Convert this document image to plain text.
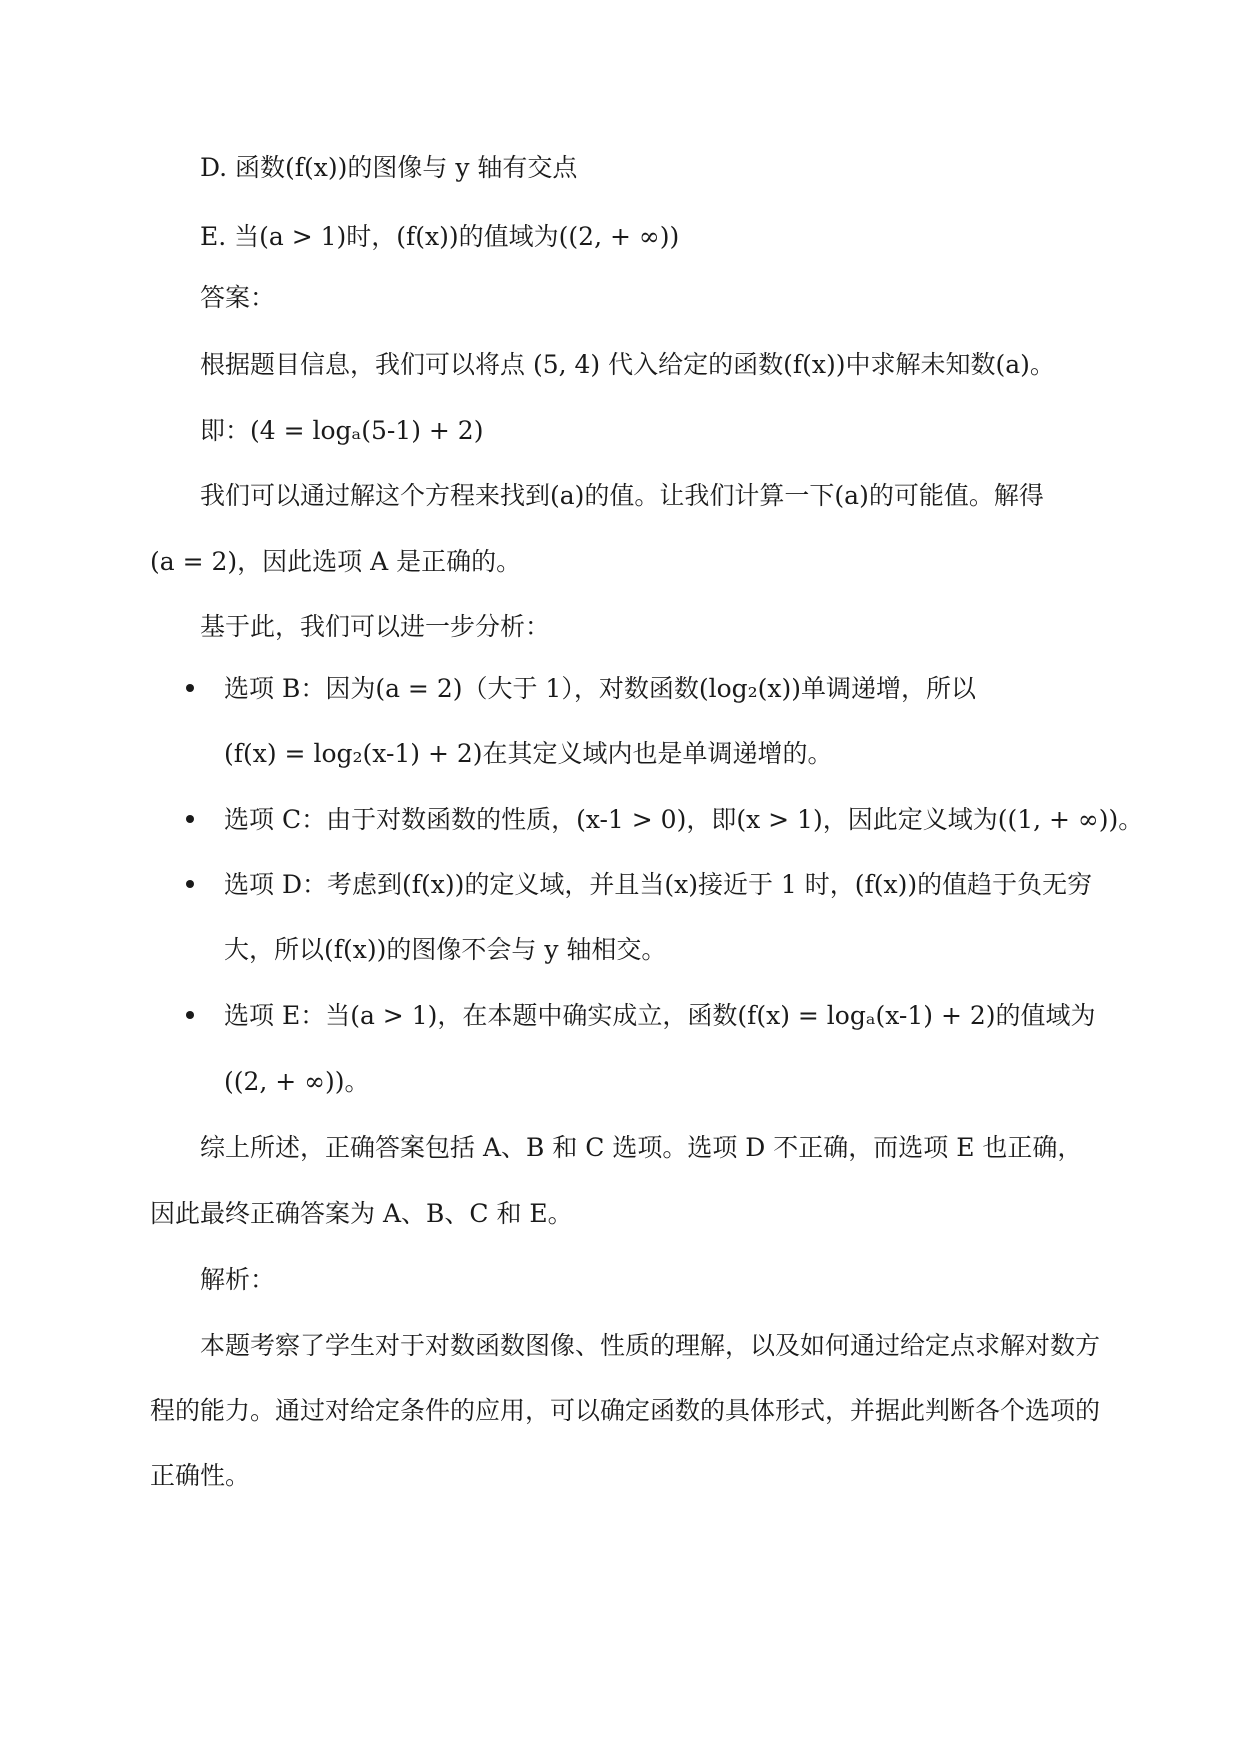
D. 函数(f(x))的图像与 y 轴有交点
E. 当(a > 1)时，(f(x))的值域为((2, + ∞))
答案：
根据题目信息，我们可以将点 (5, 4) 代入给定的函数(f(x))中求解未知数(a)。
即：(4 = logₐ(5-1) + 2)
我们可以通过解这个方程来找到(a)的值。让我们计算一下(a)的可能值。解得
(a = 2)，因此选项 A 是正确的。
基于此，我们可以进一步分析：
选项 B：因为(a = 2)（大于 1），对数函数(log₂(x))单调递增，所以
(f(x) = log₂(x-1) + 2)在其定义域内也是单调递增的。
选项 C：由于对数函数的性质，(x-1 > 0)，即(x > 1)，因此定义域为((1, + ∞))。
选项 D：考虑到(f(x))的定义域，并且当(x)接近于 1 时，(f(x))的值趋于负无穷
大，所以(f(x))的图像不会与 y 轴相交。
选项 E：当(a > 1)，在本题中确实成立，函数(f(x) = logₐ(x-1) + 2)的值域为
((2, + ∞))。
综上所述，正确答案包括 A、B 和 C 选项。选项 D 不正确，而选项 E 也正确，
因此最终正确答案为 A、B、C 和 E。
解析：
本题考察了学生对于对数函数图像、性质的理解，以及如何通过给定点求解对数方
程的能力。通过对给定条件的应用，可以确定函数的具体形式，并据此判断各个选项的
正确性。
